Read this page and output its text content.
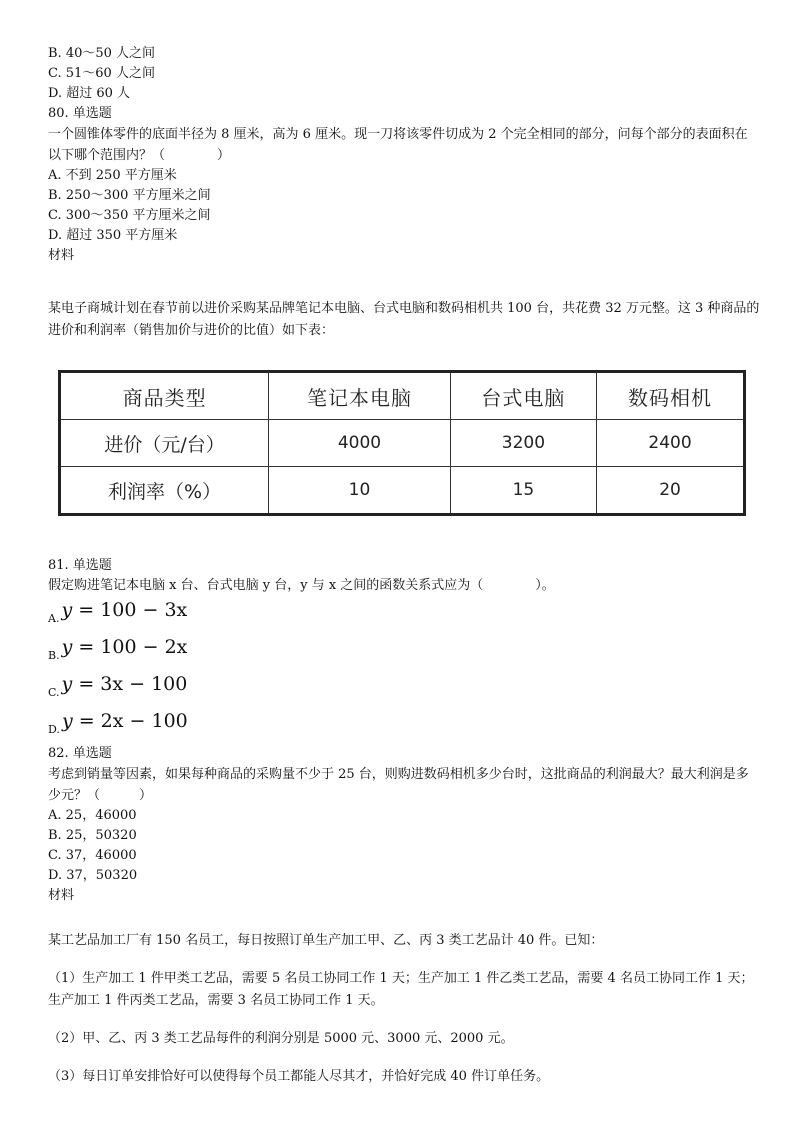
B. 40～50 人之间
C. 51～60 人之间
D. 超过 60 人
80. 单选题
一个圆锥体零件的底面半径为 8 厘米，高为 6 厘米。现一刀将该零件切成为 2 个完全相同的部分，问每个部分的表面积在以下哪个范围内？（　　　　）
A. 不到 250 平方厘米
B. 250～300 平方厘米之间
C. 300～350 平方厘米之间
D. 超过 350 平方厘米
材料
某电子商城计划在春节前以进价采购某品牌笔记本电脑、台式电脑和数码相机共 100 台，共花费 32 万元整。这 3 种商品的进价和利润率（销售加价与进价的比值）如下表：
商品类型	笔记本电脑	台式电脑	数码相机
进价（元/台）	4000	3200	2400
利润率（%）	10	15	20
81. 单选题
假定购进笔记本电脑 x 台、台式电脑 y 台，y 与 x 之间的函数关系式应为（　　　　）。
$_{A.}$ y = 100 − 3x
$_{B.}$ y = 100 − 2x
$_{C.}$ y = 3x − 100
$_{D.}$ y = 2x − 100
82. 单选题
考虑到销量等因素，如果每种商品的采购量不少于 25 台，则购进数码相机多少台时，这批商品的利润最大？最大利润是多少元？（　　　）
A. 25，46000
B. 25，50320
C. 37，46000
D. 37，50320
材料
某工艺品加工厂有 150 名员工，每日按照订单生产加工甲、乙、丙 3 类工艺品计 40 件。已知：
（1）生产加工 1 件甲类工艺品，需要 5 名员工协同工作 1 天；生产加工 1 件乙类工艺品，需要 4 名员工协同工作 1 天；生产加工 1 件丙类工艺品，需要 3 名员工协同工作 1 天。
（2）甲、乙、丙 3 类工艺品每件的利润分别是 5000 元、3000 元、2000 元。
（3）每日订单安排恰好可以使得每个员工都能人尽其才，并恰好完成 40 件订单任务。
